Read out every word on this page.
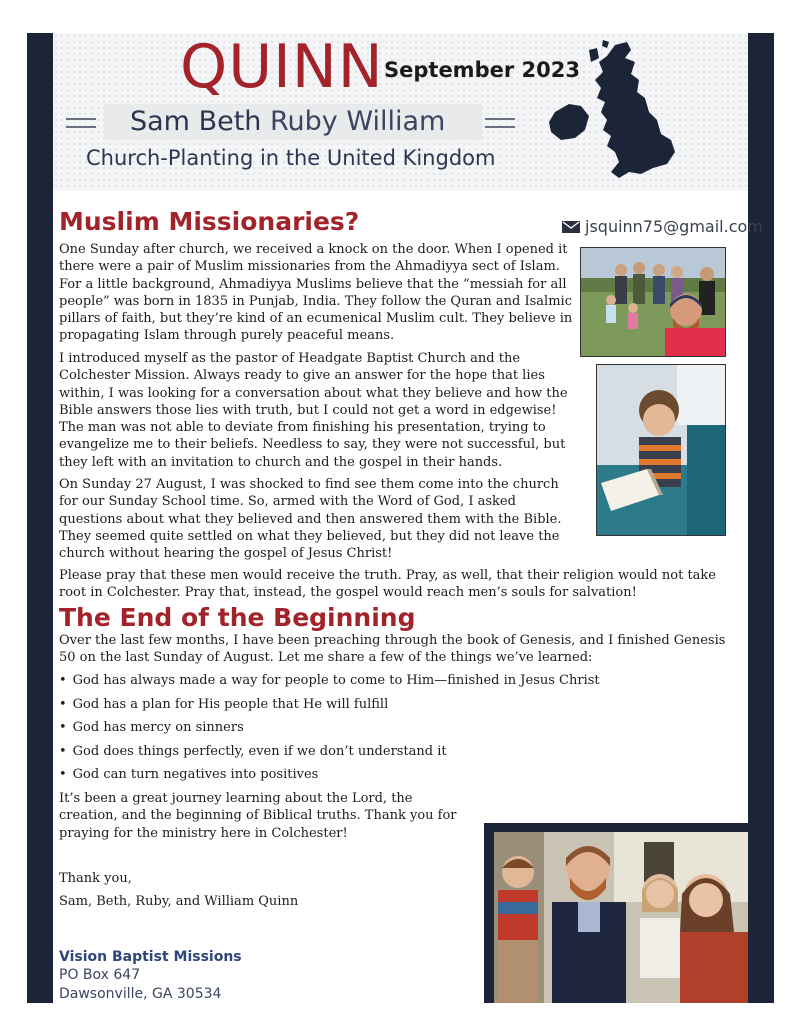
QUINN September 2023
Sam Beth Ruby William
Church-Planting in the United Kingdom
Muslim Missionaries?	jsquinn75@gmail.com
One Sunday after church, we received a knock on the door. When I opened it there were a pair of Muslim missionaries from the Ahmadiyya sect of Islam. For a little background, Ahmadiyya Muslims believe that the “messiah for all people” was born in 1835 in Punjab, India. They follow the Quran and Isalmic pillars of faith, but they’re kind of an ecumenical Muslim cult. They believe in propagating Islam through purely peaceful means.
I introduced myself as the pastor of Headgate Baptist Church and the Colchester Mission. Always ready to give an answer for the hope that lies within, I was looking for a conversation about what they believe and how the Bible answers those lies with truth, but I could not get a word in edgewise! The man was not able to deviate from finishing his presentation, trying to evangelize me to their beliefs. Needless to say, they were not successful, but they left with an invitation to church and the gospel in their hands.
On Sunday 27 August, I was shocked to find see them come into the church for our Sunday School time. So, armed with the Word of God, I asked questions about what they believed and then answered them with the Bible. They seemed quite settled on what they believed, but they did not leave the church without hearing the gospel of Jesus Christ!
Please pray that these men would receive the truth. Pray, as well, that their religion would not take root in Colchester. Pray that, instead, the gospel would reach men’s souls for salvation!
The End of the Beginning
Over the last few months, I have been preaching through the book of Genesis, and I finished Genesis 50 on the last Sunday of August. Let me share a few of the things we’ve learned:
• God has always made a way for people to come to Him—finished in Jesus Christ
• God has a plan for His people that He will fulfill
• God has mercy on sinners
• God does things perfectly, even if we don’t understand it
• God can turn negatives into positives
It’s been a great journey learning about the Lord, the creation, and the beginning of Biblical truths. Thank you for praying for the ministry here in Colchester!
Thank you,
Sam, Beth, Ruby, and William Quinn
Vision Baptist Missions
PO Box 647
Dawsonville, GA 30534
